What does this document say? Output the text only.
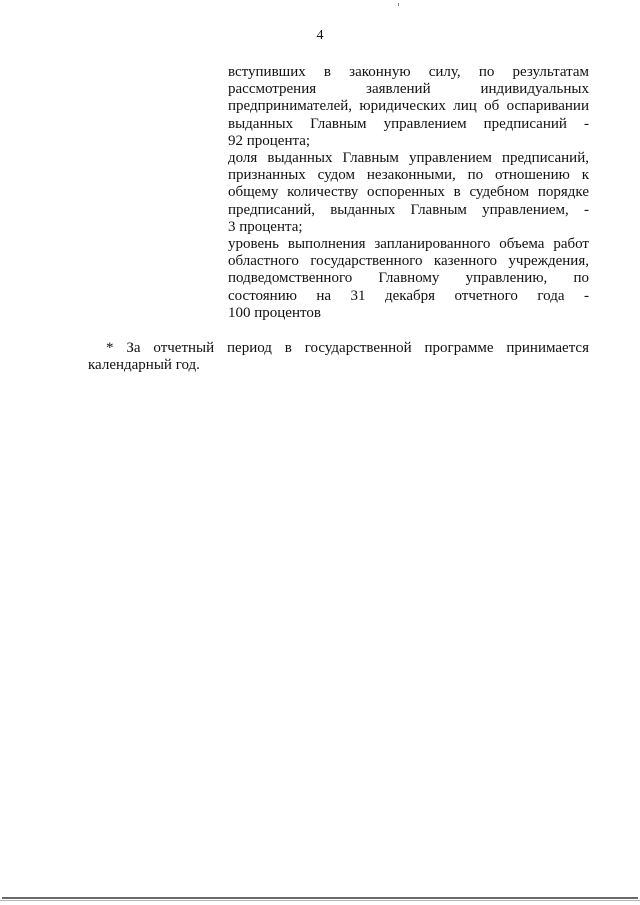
4
вступивших в законную силу, по результатам
рассмотрения заявлений индивидуальных
предпринимателей, юридических лиц об оспаривании
выданных Главным управлением предписаний -
92 процента;
доля выданных Главным управлением предписаний,
признанных судом незаконными, по отношению к
общему количеству оспоренных в судебном порядке
предписаний, выданных Главным управлением, -
3 процента;
уровень выполнения запланированного объема работ
областного государственного казенного учреждения,
подведомственного Главному управлению, по
состоянию на 31 декабря отчетного года -
100 процентов
* За отчетный период в государственной программе принимается
календарный год.
